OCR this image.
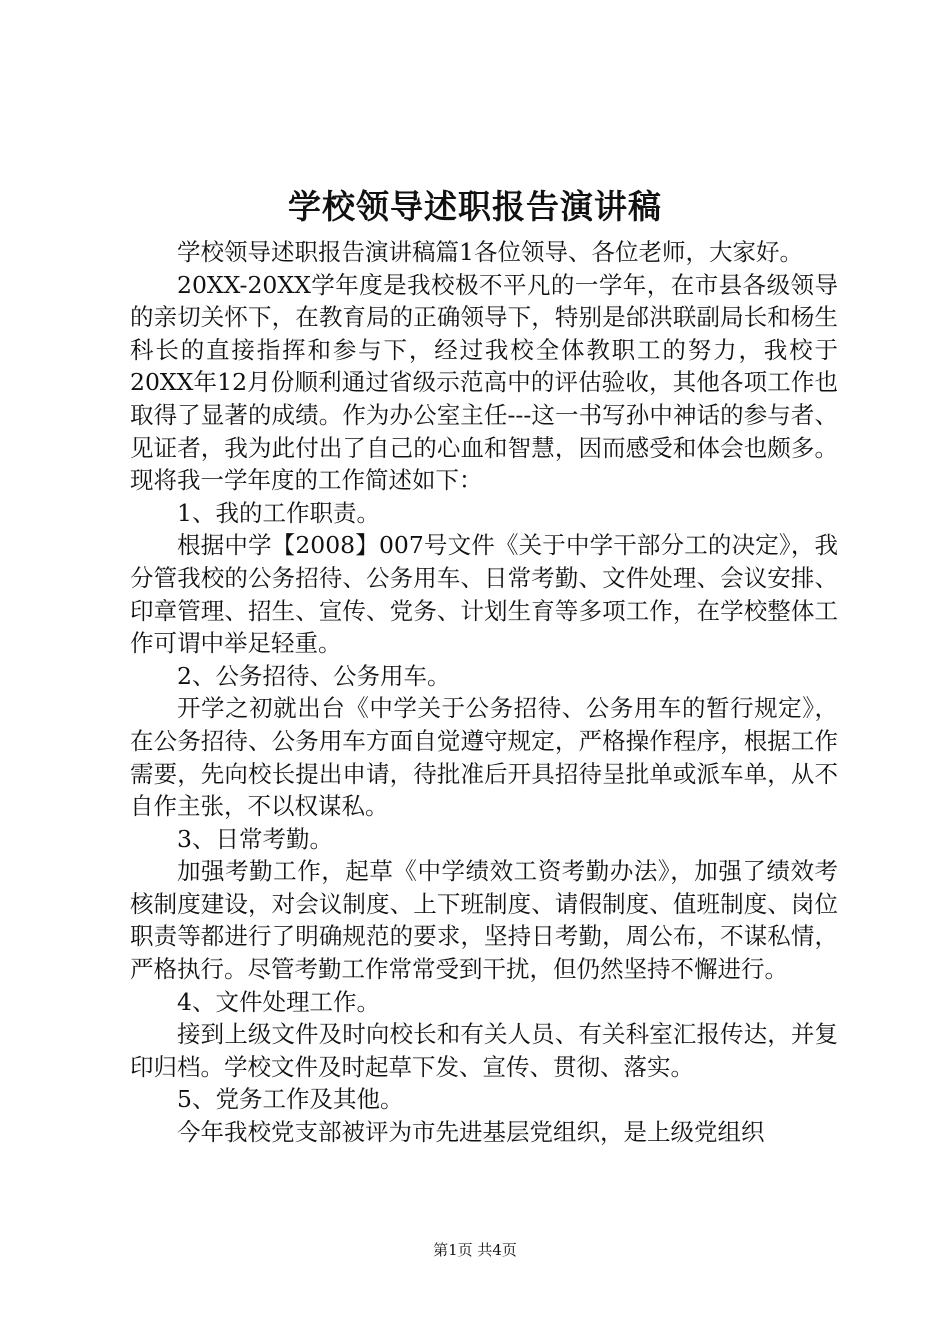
学校领导述职报告演讲稿

学校领导述职报告演讲稿篇1各位领导、各位老师，大家好。

20XX-20XX学年度是我校极不平凡的一学年，在市县各级领导的亲切关怀下，在教育局的正确领导下，特别是邰洪联副局长和杨生科长的直接指挥和参与下，经过我校全体教职工的努力，我校于20XX年12月份顺利通过省级示范高中的评估验收，其他各项工作也取得了显著的成绩。作为办公室主任---这一书写孙中神话的参与者、见证者，我为此付出了自己的心血和智慧，因而感受和体会也颇多。现将我一学年度的工作简述如下：

1、我的工作职责。

根据中学【2008】007号文件《关于中学干部分工的决定》，我分管我校的公务招待、公务用车、日常考勤、文件处理、会议安排、印章管理、招生、宣传、党务、计划生育等多项工作，在学校整体工作可谓中举足轻重。

2、公务招待、公务用车。

开学之初就出台《中学关于公务招待、公务用车的暂行规定》，在公务招待、公务用车方面自觉遵守规定，严格操作程序，根据工作需要，先向校长提出申请，待批准后开具招待呈批单或派车单，从不自作主张，不以权谋私。

3、日常考勤。

加强考勤工作，起草《中学绩效工资考勤办法》，加强了绩效考核制度建设，对会议制度、上下班制度、请假制度、值班制度、岗位职责等都进行了明确规范的要求，坚持日考勤，周公布，不谋私情，严格执行。尽管考勤工作常常受到干扰，但仍然坚持不懈进行。

4、文件处理工作。

接到上级文件及时向校长和有关人员、有关科室汇报传达，并复印归档。学校文件及时起草下发、宣传、贯彻、落实。

5、党务工作及其他。

今年我校党支部被评为市先进基层党组织，是上级党组织

第1页 共4页
